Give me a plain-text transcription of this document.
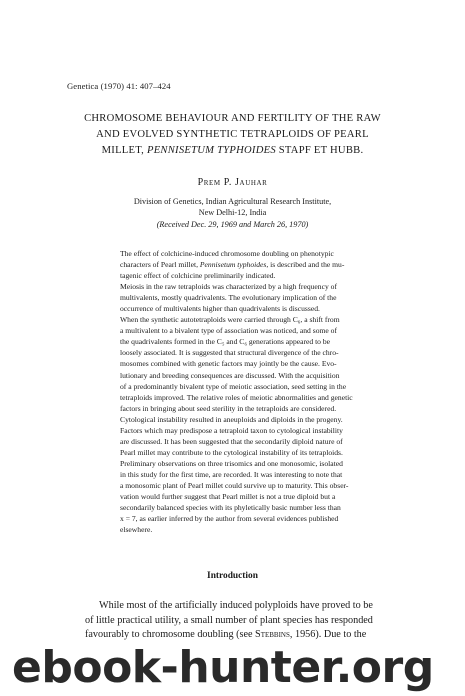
Genetica (1970) 41: 407–424
CHROMOSOME BEHAVIOUR AND FERTILITY OF THE RAW
AND EVOLVED SYNTHETIC TETRAPLOIDS OF PEARL
MILLET, PENNISETUM TYPHOIDES STAPF ET HUBB.
Prem P. Jauhar
Division of Genetics, Indian Agricultural Research Institute,
New Delhi-12, India
(Received Dec. 29, 1969 and March 26, 1970)

The effect of colchicine-induced chromosome doubling on phenotypic
characters of Pearl millet, Pennisetum typhoides, is described and the mu-
tagenic effect of colchicine preliminarily indicated.

Meiosis in the raw tetraploids was characterized by a high frequency of
multivalents, mostly quadrivalents. The evolutionary implication of the
occurrence of multivalents higher than quadrivalents is discussed.

When the synthetic autotetraploids were carried through C₆, a shift from
a multivalent to a bivalent type of association was noticed, and some of
the quadrivalents formed in the C₅ and C₆ generations appeared to be
loosely associated. It is suggested that structural divergence of the chro-
mosomes combined with genetic factors may jointly be the cause. Evo-
lutionary and breeding consequences are discussed. With the acquisition
of a predominantly bivalent type of meiotic association, seed setting in the
tetraploids improved. The relative roles of meiotic abnormalities and genetic
factors in bringing about seed sterility in the tetraploids are considered.

Cytological instability resulted in aneuploids and diploids in the progeny.
Factors which may predispose a tetraploid taxon to cytological instability
are discussed. It has been suggested that the secondarily diploid nature of
Pearl millet may contribute to the cytological instability of its tetraploids.

Preliminary observations on three trisomics and one monosomic, isolated
in this study for the first time, are recorded. It was interesting to note that
a monosomic plant of Pearl millet could survive up to maturity. This obser-
vation would further suggest that Pearl millet is not a true diploid but a
secondarily balanced species with its phyletically basic number less than
x = 7, as earlier inferred by the author from several evidences published
elsewhere.

Introduction
While most of the artificially induced polyploids have proved to be
of little practical utility, a small number of plant species has responded
favourably to chromosome doubling (see Stebbins, 1956). Due to the
ebook-hunter.org
